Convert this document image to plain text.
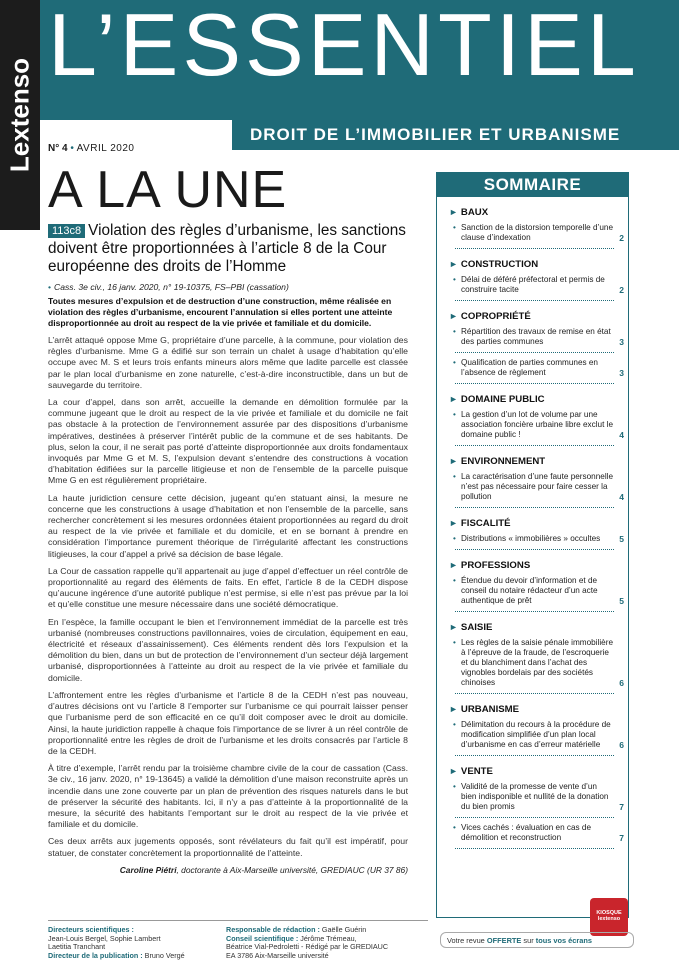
Lextenso
L’ESSENTIEL
DROIT DE L’IMMOBILIER ET URBANISME
N° 4 • AVRIL 2020
A LA UNE
113c8 Violation des règles d’urbanisme, les sanctions doivent être proportionnées à l’article 8 de la Cour européenne des droits de l’Homme
• Cass. 3e civ., 16 janv. 2020, n° 19-10375, FS–PBI (cassation)
Toutes mesures d’expulsion et de destruction d’une construction, même réalisée en violation des règles d’urbanisme, encourent l’annulation si elles portent une atteinte disproportionnée au droit au respect de la vie privée et familiale et du domicile.
L’arrêt attaqué oppose Mme G, propriétaire d’une parcelle, à la commune, pour violation des règles d’urbanisme. Mme G a édifié sur son terrain un chalet à usage d’habitation qu’elle occupe avec M. S et leurs trois enfants mineurs alors même que ladite parcelle est classée par le plan local d’urbanisme en zone naturelle, c’est-à-dire inconstructible, dans un but de sauvegarde du territoire.
La cour d’appel, dans son arrêt, accueille la demande en démolition formulée par la commune jugeant que le droit au respect de la vie privée et familiale et du domicile ne fait pas obstacle à la protection de l’environnement assurée par des dispositions d’urbanisme impératives, destinées à préserver l’intérêt public de la commune et de ses habitants. De plus, selon la cour, il ne serait pas porté d’atteinte disproportionnée aux droits fondamentaux invoqués par Mme G et M. S, l’expulsion devant s’entendre des constructions à vocation d’habitation édifiées sur la parcelle litigieuse et non de l’ensemble de la parcelle puisque Mme G en est régulièrement propriétaire.
La haute juridiction censure cette décision, jugeant qu’en statuant ainsi, la mesure ne concerne que les constructions à usage d’habitation et non l’ensemble de la parcelle, sans rechercher concrètement si les mesures ordonnées étaient proportionnées au regard du droit au respect de la vie privée et familiale et du domicile, et en se bornant à prendre en considération l’importance purement théorique de l’irrégularité affectant les constructions litigieuses, la cour d’appel a privé sa décision de base légale.
La Cour de cassation rappelle qu’il appartenait au juge d’appel d’effectuer un réel contrôle de proportionnalité au regard des éléments de faits. En effet, l’article 8 de la CEDH dispose qu’aucune ingérence d’une autorité publique n’est permise, si elle n’est pas prévue par la loi et qu’elle constitue une mesure nécessaire dans une société démocratique.
En l’espèce, la famille occupant le bien et l’environnement immédiat de la parcelle est très urbanisé (nombreuses constructions pavillonnaires, voies de circulation, équipement en eau, électricité et réseaux d’assainissement). Ces éléments rendent dès lors l’expulsion et la démolition du bien, dans un but de protection de l’environnement d’un secteur déjà largement urbanisé, disproportionnées à l’atteinte au droit au respect de la vie privée et familiale du domicile.
L’affrontement entre les règles d’urbanisme et l’article 8 de la CEDH n’est pas nouveau, d’autres décisions ont vu l’article 8 l’emporter sur l’urbanisme ce qui pourrait laisser penser que l’urbanisme perd de son efficacité en ce qu’il doit composer avec le droit au domicile. Ainsi, la haute juridiction rappelle à chaque fois l’importance de se livrer à un réel contrôle de proportionnalité entre les règles de droit de l’urbanisme et les droits consacrés par l’article 8 de la CEDH.
À titre d’exemple, l’arrêt rendu par la troisième chambre civile de la cour de cassation (Cass. 3e civ., 16 janv. 2020, n° 19-13645) a validé la démolition d’une maison reconstruite après un incendie dans une zone couverte par un plan de prévention des risques naturels dans le but de préserver la sécurité des habitants. Ici, il n’y a pas d’atteinte à la proportionnalité de la mesure, la sécurité des habitants l’emportant sur le droit au respect de la vie privée et familiale et du domicile.
Ces deux arrêts aux jugements opposés, sont révélateurs du fait qu’il est impératif, pour statuer, de constater concrètement la proportionnalité de l’atteinte.
Caroline Piétri, doctorante à Aix-Marseille université, GREDIAUC (UR 37 86)
SOMMAIRE
► BAUX
• Sanction de la distorsion temporelle d’une clause d’indexation	2
► CONSTRUCTION
• Délai de déféré préfectoral et permis de construire tacite	2
► COPROPRIÉTÉ
• Répartition des travaux de remise en état des parties communes	3
• Qualification de parties communes en l’absence de règlement	3
► DOMAINE PUBLIC
• La gestion d’un lot de volume par une association foncière urbaine libre exclut le domaine public !	4
► ENVIRONNEMENT
• La caractérisation d’une faute personnelle n’est pas nécessaire pour faire cesser la pollution	4
► FISCALITÉ
• Distributions « immobilières » occultes 5
► PROFESSIONS
• Étendue du devoir d’information et de conseil du notaire rédacteur d’un acte authentique de prêt	5
► SAISIE
• Les règles de la saisie pénale immobilière à l’épreuve de la fraude, de l’escroquerie et du blanchiment dans l’achat des vignobles bordelais par des sociétés chinoises	6
► URBANISME
• Délimitation du recours à la procédure de modification simplifiée d’un plan local d’urbanisme en cas d’erreur matérielle 6
► VENTE
• Validité de la promesse de vente d’un bien indisponible et nullité de la donation du bien promis	7
• Vices cachés : évaluation en cas de démolition et reconstruction	7
Directeurs scientifiques :
Jean-Louis Bergel, Sophie Lambert
Laetitia Tranchant
Directeur de la publication : Bruno Vergé
Responsable de rédaction : Gaëlle Guérin
Conseil scientifique : Jérôme Trémeau,
Béatrice Vial-Pedroletti - Rédigé par le GREDIAUC
EA 3786 Aix-Marseille université
KIOSQUE
lextenso
Votre revue OFFERTE sur tous vos écrans
